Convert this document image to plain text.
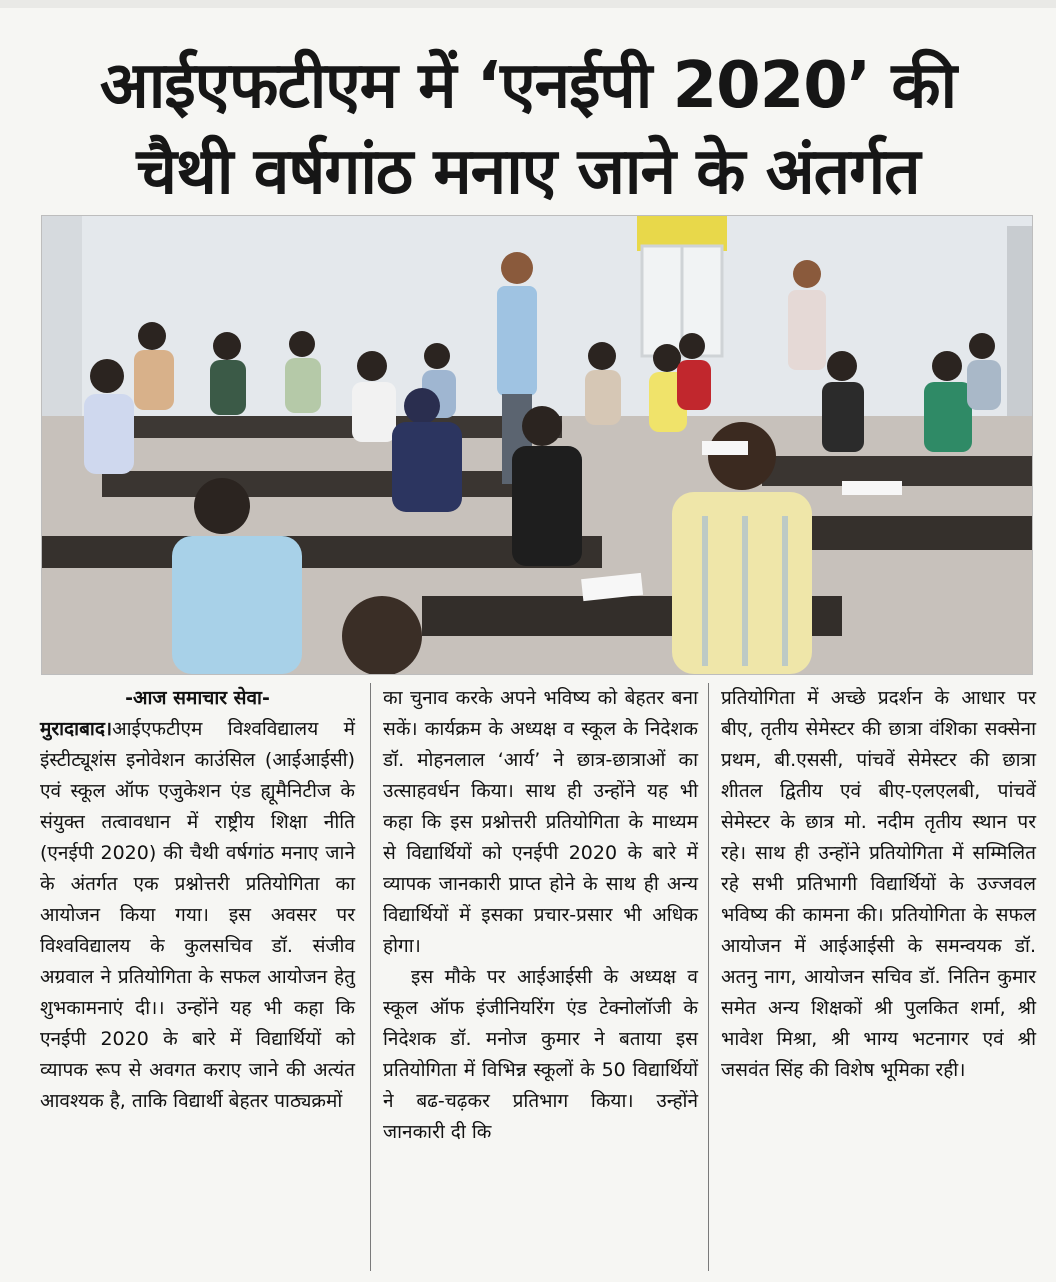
आईएफटीएम में ‘एनईपी 2020’ की
चैथी वर्षगांठ मनाए जाने के अंतर्गत
-आज समाचार सेवा-

मुरादाबाद।आईएफटीएम विश्वविद्यालय में इंस्टीट्यूशंस इनोवेशन काउंसिल (आईआईसी) एवं स्कूल ऑफ एजुकेशन एंड ह्यूमैनिटीज के संयुक्त तत्वावधान में राष्ट्रीय शिक्षा नीति (एनईपी 2020) की चैथी वर्षगांठ मनाए जाने के अंतर्गत एक प्रश्नोत्तरी प्रतियोगिता का आयोजन किया गया। इस अवसर पर विश्वविद्यालय के कुलसचिव डॉ. संजीव अग्रवाल ने प्रतियोगिता के सफल आयोजन हेतु शुभकामनाएं दी।। उन्होंने यह भी कहा कि एनईपी 2020 के बारे में विद्यार्थियों को व्यापक रूप से अवगत कराए जाने की अत्यंत आवश्यक है, ताकि विद्यार्थी बेहतर पाठ्यक्रमों

का चुनाव करके अपने भविष्य को बेहतर बना सकें। कार्यक्रम के अध्यक्ष व स्कूल के निदेशक डॉ. मोहनलाल ‘आर्य’ ने छात्र-छात्राओं का उत्साहवर्धन किया। साथ ही उन्होंने यह भी कहा कि इस प्रश्नोत्तरी प्रतियोगिता के माध्यम से विद्यार्थियों को एनईपी 2020 के बारे में व्यापक जानकारी प्राप्त होने के साथ ही अन्य विद्यार्थियों में इसका प्रचार-प्रसार भी अधिक होगा।

इस मौके पर आईआईसी के अध्यक्ष व स्कूल ऑफ इंजीनियरिंग एंड टेक्नोलॉजी के निदेशक डॉ. मनोज कुमार ने बताया इस प्रतियोगिता में विभिन्न स्कूलों के 50 विद्यार्थियों ने बढ-चढ़कर प्रतिभाग किया। उन्होंने जानकारी दी कि

प्रतियोगिता में अच्छे प्रदर्शन के आधार पर बीए, तृतीय सेमेस्टर की छात्रा वंशिका सक्सेना प्रथम, बी.एससी, पांचवें सेमेस्टर की छात्रा शीतल द्वितीय एवं बीए-एलएलबी, पांचवें सेमेस्टर के छात्र मो. नदीम तृतीय स्थान पर रहे। साथ ही उन्होंने प्रतियोगिता में सम्मिलित रहे सभी प्रतिभागी विद्यार्थियों के उज्जवल भविष्य की कामना की। प्रतियोगिता के सफल आयोजन में आईआईसी के समन्वयक डॉ. अतनु नाग, आयोजन सचिव डॉ. नितिन कुमार समेत अन्य शिक्षकों श्री पुलकित शर्मा, श्री भावेश मिश्रा, श्री भाग्य भटनागर एवं श्री जसवंत सिंह की विशेष भूमिका रही।
